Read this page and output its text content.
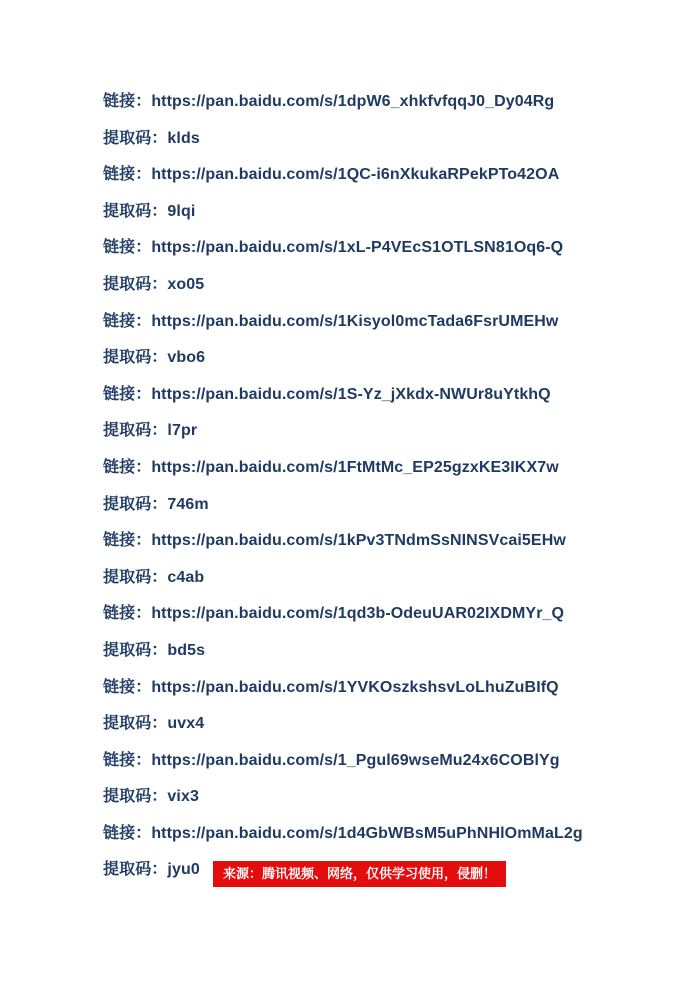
链接：https://pan.baidu.com/s/1dpW6_xhkfvfqqJ0_Dy04Rg

提取码：klds

链接：https://pan.baidu.com/s/1QC-i6nXkukaRPekPTo42OA

提取码：9lqi

链接：https://pan.baidu.com/s/1xL-P4VEcS1OTLSN81Oq6-Q

提取码：xo05

链接：https://pan.baidu.com/s/1Kisyol0mcTada6FsrUMEHw

提取码：vbo6

链接：https://pan.baidu.com/s/1S-Yz_jXkdx-NWUr8uYtkhQ

提取码：l7pr

链接：https://pan.baidu.com/s/1FtMtMc_EP25gzxKE3IKX7w

提取码：746m

链接：https://pan.baidu.com/s/1kPv3TNdmSsNINSVcai5EHw

提取码：c4ab

链接：https://pan.baidu.com/s/1qd3b-OdeuUAR02IXDMYr_Q

提取码：bd5s

链接：https://pan.baidu.com/s/1YVKOszkshsvLoLhuZuBIfQ

提取码：uvx4

链接：https://pan.baidu.com/s/1_Pgul69wseMu24x6COBlYg

提取码：vix3

链接：https://pan.baidu.com/s/1d4GbWBsM5uPhNHlOmMaL2g

提取码：jyu0	来源：腾讯视频、网络，仅供学习使用，侵删！
